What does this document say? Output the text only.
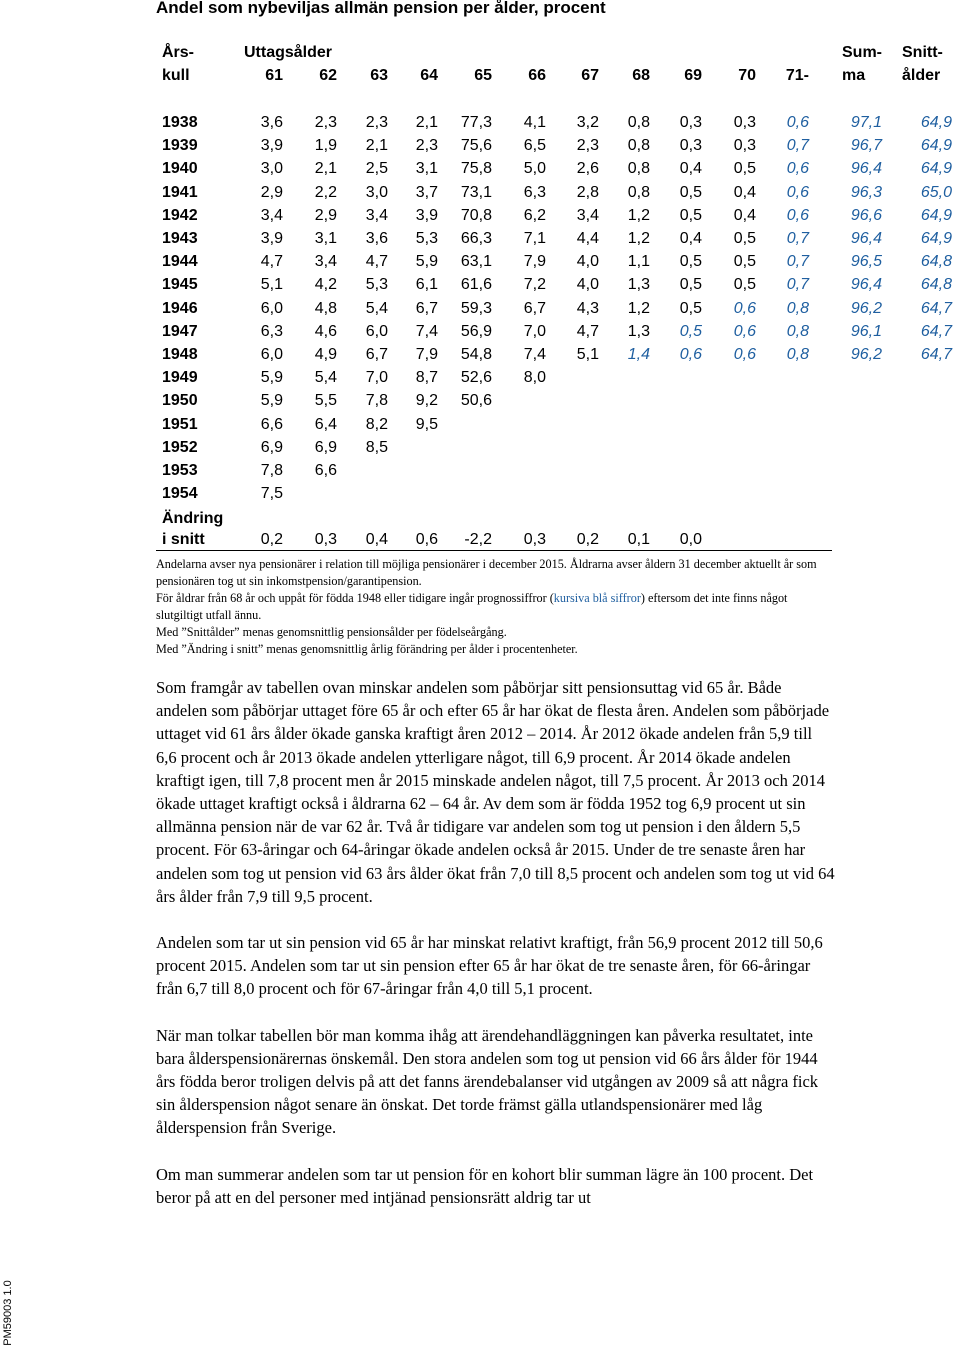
Andel som nybeviljas allmän pension per ålder, procent
Års-
kull
Uttagsålder
61	62	63	64	65	66	67	68	69	70	71-
Sum-
ma
Snitt-
ålder
1938	3,6	2,3	2,3	2,1	77,3	4,1	3,2	0,8	0,3	0,3	0,6	97,1	64,9
1939	3,9	1,9	2,1	2,3	75,6	6,5	2,3	0,8	0,3	0,3	0,7	96,7	64,9
1940	3,0	2,1	2,5	3,1	75,8	5,0	2,6	0,8	0,4	0,5	0,6	96,4	64,9
1941	2,9	2,2	3,0	3,7	73,1	6,3	2,8	0,8	0,5	0,4	0,6	96,3	65,0
1942	3,4	2,9	3,4	3,9	70,8	6,2	3,4	1,2	0,5	0,4	0,6	96,6	64,9
1943	3,9	3,1	3,6	5,3	66,3	7,1	4,4	1,2	0,4	0,5	0,7	96,4	64,9
1944	4,7	3,4	4,7	5,9	63,1	7,9	4,0	1,1	0,5	0,5	0,7	96,5	64,8
1945	5,1	4,2	5,3	6,1	61,6	7,2	4,0	1,3	0,5	0,5	0,7	96,4	64,8
1946	6,0	4,8	5,4	6,7	59,3	6,7	4,3	1,2	0,5	0,6	0,8	96,2	64,7
1947	6,3	4,6	6,0	7,4	56,9	7,0	4,7	1,3	0,5	0,6	0,8	96,1	64,7
1948	6,0	4,9	6,7	7,9	54,8	7,4	5,1	1,4	0,6	0,6	0,8	96,2	64,7
1949	5,9	5,4	7,0	8,7	52,6	8,0
1950	5,9	5,5	7,8	9,2	50,6
1951	6,6	6,4	8,2	9,5
1952	6,9	6,9	8,5
1953	7,8	6,6
1954	7,5
Ändring
i snitt	0,2	0,3	0,4	0,6	-2,2	0,3	0,2	0,1	0,0

Andelarna avser nya pensionärer i relation till möjliga pensionärer i december 2015. Åldrarna avser åldern 31 december aktuellt år som pensionären tog ut sin inkomstpension/garantipension.

För åldrar från 68 år och uppåt för födda 1948 eller tidigare ingår prognossiffror (kursiva blå siffror) eftersom det inte finns något slutgiltigt utfall ännu.

Med ”Snittålder” menas genomsnittlig pensionsålder per födelseårgång.

Med ”Ändring i snitt” menas genomsnittlig årlig förändring per ålder i procentenheter.

Som framgår av tabellen ovan minskar andelen som påbörjar sitt pensionsuttag vid 65 år. Både andelen som påbörjar uttaget före 65 år och efter 65 år har ökat de flesta åren. Andelen som påbörjade uttaget vid 61 års ålder ökade ganska kraftigt åren 2012 – 2014. År 2012 ökade andelen från 5,9 till 6,6 procent och år 2013 ökade andelen ytterligare något, till 6,9 procent. År 2014 ökade andelen kraftigt igen, till 7,8 procent men år 2015 minskade andelen något, till 7,5 procent. År 2013 och 2014 ökade uttaget kraftigt också i åldrarna 62 – 64 år. Av dem som är födda 1952 tog 6,9 procent ut sin allmänna pension när de var 62 år. Två år tidigare var andelen som tog ut pension i den åldern 5,5 procent. För 63-åringar och 64-åringar ökade andelen också år 2015. Under de tre senaste åren har andelen som tog ut pension vid 63 års ålder ökat från 7,0 till 8,5 procent och andelen som tog ut vid 64 års ålder från 7,9 till 9,5 procent.

Andelen som tar ut sin pension vid 65 år har minskat relativt kraftigt, från 56,9 procent 2012 till 50,6 procent 2015. Andelen som tar ut sin pension efter 65 år har ökat de tre senaste åren, för 66-åringar från 6,7 till 8,0 procent och för 67-åringar från 4,0 till 5,1 procent.

När man tolkar tabellen bör man komma ihåg att ärendehandläggningen kan påverka resultatet, inte bara ålderspensionärernas önskemål. Den stora andelen som tog ut pension vid 66 års ålder för 1944 års födda beror troligen delvis på att det fanns ärendebalanser vid utgången av 2009 så att några fick sin ålderspension något senare än önskat. Det torde främst gälla utlandspensionärer med låg ålderspension från Sverige.

Om man summerar andelen som tar ut pension för en kohort blir summan lägre än 100 procent. Det beror på att en del personer med intjänad pensionsrätt aldrig tar ut

PM59003 1.0
